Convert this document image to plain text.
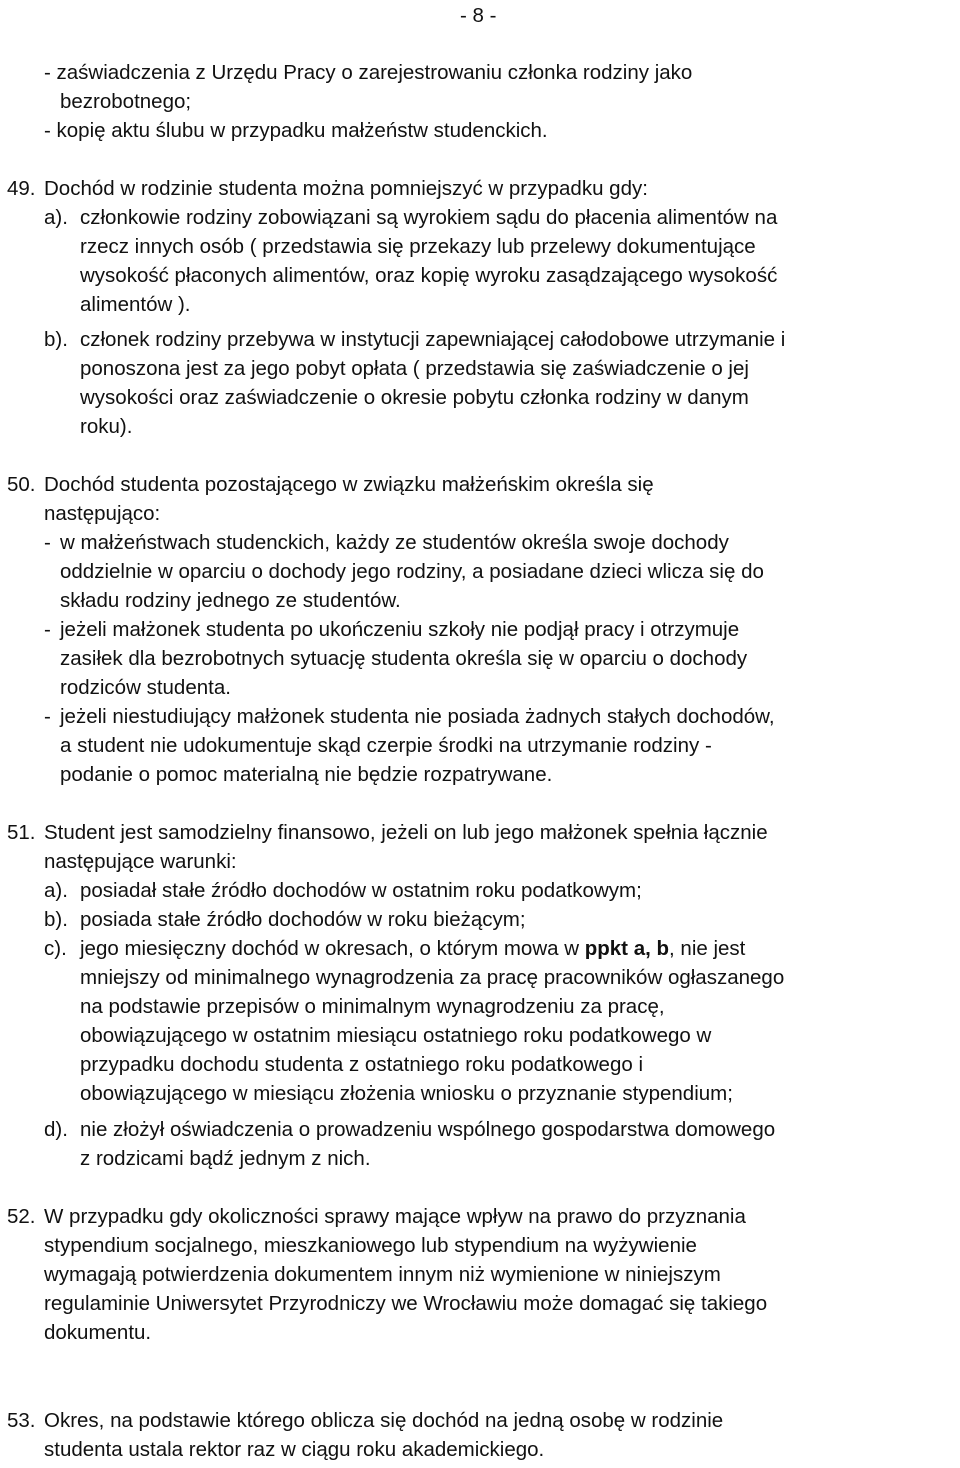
- 8 -
- zaświadczenia z Urzędu Pracy o zarejestrowaniu członka rodziny jako
bezrobotnego;
- kopię aktu ślubu w przypadku małżeństw studenckich.
49. Dochód w rodzinie studenta można pomniejszyć w przypadku gdy:
a). członkowie rodziny zobowiązani są wyrokiem sądu do płacenia alimentów na
rzecz innych osób ( przedstawia się przekazy lub przelewy dokumentujące
wysokość płaconych alimentów, oraz kopię wyroku zasądzającego wysokość
alimentów ).
b). członek rodziny przebywa w instytucji zapewniającej całodobowe utrzymanie i
ponoszona jest za jego pobyt opłata ( przedstawia się zaświadczenie o jej
wysokości oraz zaświadczenie o okresie pobytu członka rodziny w danym
roku).
50. Dochód studenta pozostającego w związku małżeńskim określa się
następująco:
- w małżeństwach studenckich, każdy ze studentów określa swoje dochody
oddzielnie w oparciu o dochody jego rodziny, a posiadane dzieci wlicza się do
składu rodziny jednego ze studentów.
- jeżeli małżonek studenta po ukończeniu szkoły nie podjął pracy i otrzymuje
zasiłek dla bezrobotnych sytuację studenta określa się w oparciu o dochody
rodziców studenta.
- jeżeli niestudiujący małżonek studenta nie posiada żadnych stałych dochodów,
a student nie udokumentuje skąd czerpie środki na utrzymanie rodziny -
podanie o pomoc materialną nie będzie rozpatrywane.
51. Student jest samodzielny finansowo, jeżeli on lub jego małżonek spełnia łącznie
następujące warunki:
a). posiadał stałe źródło dochodów w ostatnim roku podatkowym;
b). posiada stałe źródło dochodów w roku bieżącym;
c). jego miesięczny dochód w okresach, o którym mowa w ppkt a, b, nie jest
mniejszy od minimalnego wynagrodzenia za pracę pracowników ogłaszanego
na podstawie przepisów o minimalnym wynagrodzeniu za pracę,
obowiązującego w ostatnim miesiącu ostatniego roku podatkowego w
przypadku dochodu studenta z ostatniego roku podatkowego i
obowiązującego w miesiącu złożenia wniosku o przyznanie stypendium;
d). nie złożył oświadczenia o prowadzeniu wspólnego gospodarstwa domowego
z rodzicami bądź jednym z nich.
52. W przypadku gdy okoliczności sprawy mające wpływ na prawo do przyznania
stypendium socjalnego, mieszkaniowego lub stypendium na wyżywienie
wymagają potwierdzenia dokumentem innym niż wymienione w niniejszym
regulaminie Uniwersytet Przyrodniczy we Wrocławiu może domagać się takiego
dokumentu.
53. Okres, na podstawie którego oblicza się dochód na jedną osobę w rodzinie
studenta ustala rektor raz w ciągu roku akademickiego.
